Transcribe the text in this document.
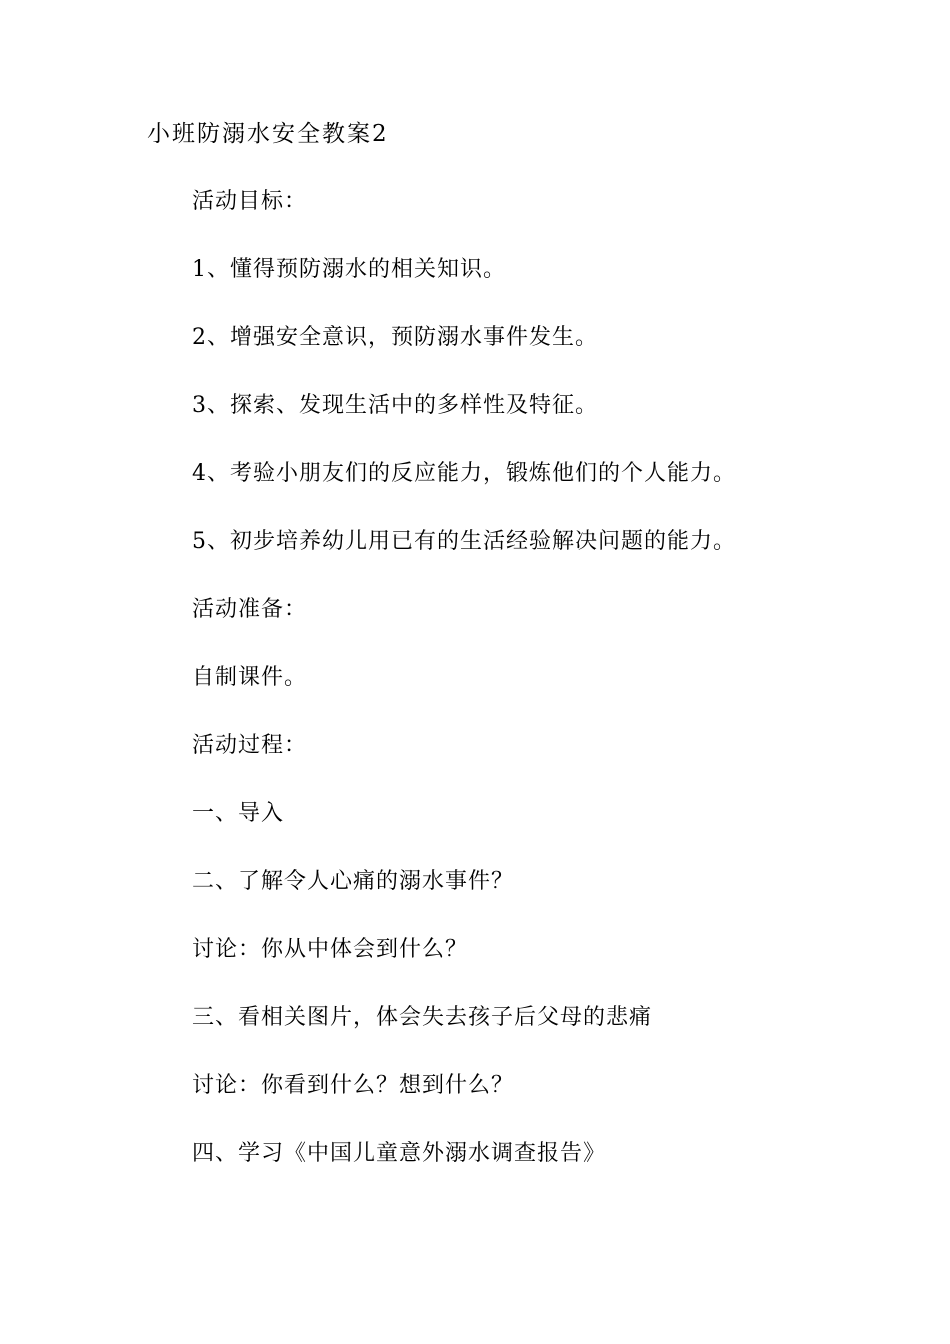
小班防溺水安全教案2
活动目标：
1、懂得预防溺水的相关知识。
2、增强安全意识，预防溺水事件发生。
3、探索、发现生活中的多样性及特征。
4、考验小朋友们的反应能力，锻炼他们的个人能力。
5、初步培养幼儿用已有的生活经验解决问题的能力。
活动准备：
自制课件。
活动过程：
一、导入
二、了解令人心痛的溺水事件？
讨论：你从中体会到什么？
三、看相关图片，体会失去孩子后父母的悲痛
讨论：你看到什么？想到什么？
四、学习《中国儿童意外溺水调查报告》
